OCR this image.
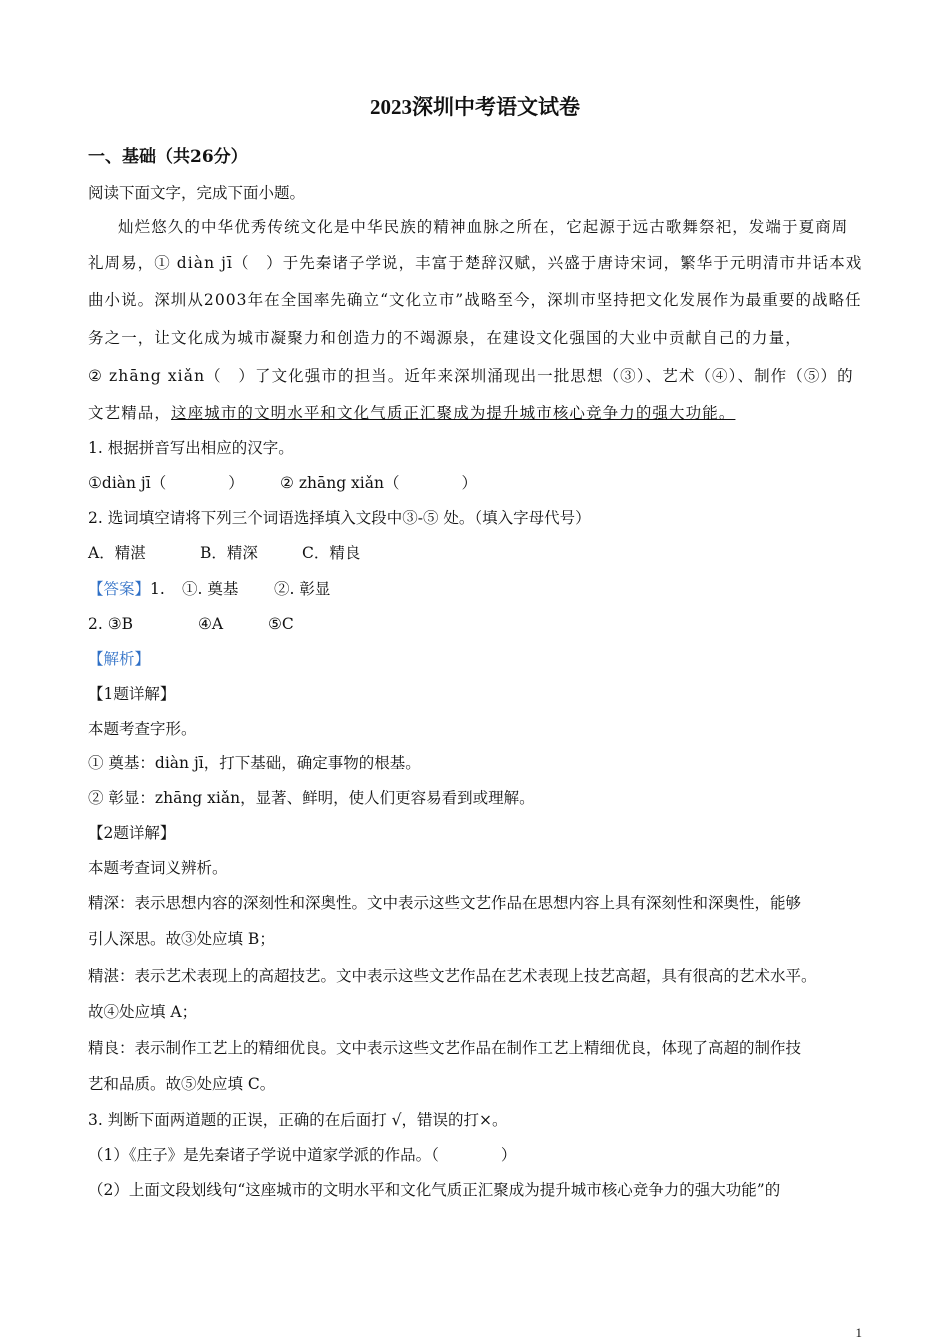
2023深圳中考语文试卷
一、基础（共26分）
阅读下面文字，完成下面小题。
灿烂悠久的中华优秀传统文化是中华民族的精神血脉之所在，它起源于远古歌舞祭祀，发端于夏商周
礼周易，① diàn jī（　）于先秦诸子学说，丰富于楚辞汉赋，兴盛于唐诗宋词，繁华于元明清市井话本戏
曲小说。深圳从2003年在全国率先确立“文化立市”战略至今，深圳市坚持把文化发展作为最重要的战略任
务之一，让文化成为城市凝聚力和创造力的不竭源泉，在建设文化强国的大业中贡献自己的力量，
② zhāng xiǎn（　）了文化强市的担当。近年来深圳涌现出一批思想（③）、艺术（④）、制作（⑤）的
文艺精品，这座城市的文明水平和文化气质正汇聚成为提升城市核心竞争力的强大功能。
1. 根据拼音写出相应的汉字。
①diàn jī（　　　　） ② zhāng xiǎn（　　　　）
2. 选词填空请将下列三个词语选择填入文段中③-⑤ 处。（填入字母代号）
A．精湛	B．精深	C．精良
【答案】1. ①. 奠基 ②. 彰显
2. ③B	④A	⑤C
【解析】
【1题详解】
本题考查字形。
① 奠基：diàn jī，打下基础，确定事物的根基。
② 彰显：zhāng xiǎn，显著、鲜明，使人们更容易看到或理解。
【2题详解】
本题考查词义辨析。
精深：表示思想内容的深刻性和深奥性。文中表示这些文艺作品在思想内容上具有深刻性和深奥性，能够
引人深思。故③处应填 B；
精湛：表示艺术表现上的高超技艺。文中表示这些文艺作品在艺术表现上技艺高超，具有很高的艺术水平。
故④处应填 A；
精良：表示制作工艺上的精细优良。文中表示这些文艺作品在制作工艺上精细优良，体现了高超的制作技
艺和品质。故⑤处应填 C。
3. 判断下面两道题的正误，正确的在后面打 √，错误的打×。
（1）《庄子》是先秦诸子学说中道家学派的作品。（　　　　）
（2）上面文段划线句“这座城市的文明水平和文化气质正汇聚成为提升城市核心竞争力的强大功能”的
1
